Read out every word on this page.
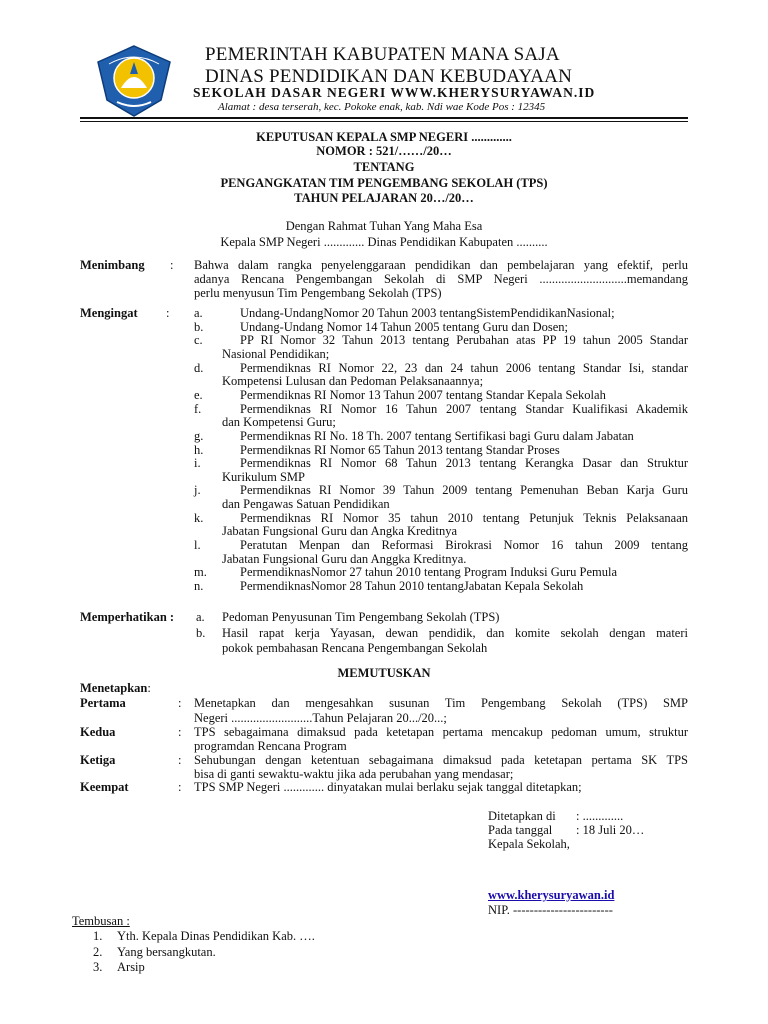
PEMERINTAH KABUPATEN MANA SAJA
DINAS PENDIDIKAN DAN KEBUDAYAAN
SEKOLAH DASAR NEGERI WWW.KHERYSURYAWAN.ID
Alamat : desa terserah, kec. Pokoke enak, kab. Ndi wae Kode Pos : 12345
KEPUTUSAN KEPALA SMP NEGERI .............
NOMOR : 521/……/20…
TENTANG
PENGANGKATAN TIM PENGEMBANG SEKOLAH (TPS)
TAHUN PELAJARAN 20…/20…
Dengan Rahmat Tuhan Yang Maha Esa
Kepala SMP Negeri ............. Dinas Pendidikan Kabupaten ..........
Menimbang : Bahwa dalam rangka penyelenggaraan pendidikan dan pembelajaran yang efektif, perlu
adanya Rencana Pengembangan Sekolah di SMP Negeri ............................memandang
perlu menyusun Tim Pengembang Sekolah (TPS)
Mengingat : a.	Undang-UndangNomor 20 Tahun 2003 tentangSistemPendidikanNasional;
b.	Undang-Undang Nomor 14 Tahun 2005 tentang Guru dan Dosen;
c.	PP RI Nomor 32 Tahun 2013 tentang Perubahan atas PP 19 tahun 2005 Standar
Nasional Pendidikan;
d.	Permendiknas RI Nomor 22, 23 dan 24 tahun 2006 tentang Standar Isi, standar
Kompetensi Lulusan dan Pedoman Pelaksanaannya;
e.	Permendiknas RI Nomor 13 Tahun 2007 tentang Standar Kepala Sekolah
f.	Permendiknas RI Nomor 16 Tahun 2007 tentang Standar Kualifikasi Akademik
dan Kompetensi Guru;
g.	Permendiknas RI No. 18 Th. 2007 tentang Sertifikasi bagi Guru dalam Jabatan
h.	Permendiknas RI Nomor 65 Tahun 2013 tentang Standar Proses
i.	Permendiknas RI Nomor 68 Tahun 2013 tentang Kerangka Dasar dan Struktur
Kurikulum SMP
j.	Permendiknas RI Nomor 39 Tahun 2009 tentang Pemenuhan Beban Karja Guru
dan Pengawas Satuan Pendidikan
k.	Permendiknas RI Nomor 35 tahun 2010 tentang Petunjuk Teknis Pelaksanaan
Jabatan Fungsional Guru dan Angka Kreditnya
l.	Peratutan Menpan dan Reformasi Birokrasi Nomor 16 tahun 2009 tentang
Jabatan Fungsional Guru dan Anggka Kreditnya.
m.	PermendiknasNomor 27 tahun 2010 tentang Program Induksi Guru Pemula
n.	PermendiknasNomor 28 Tahun 2010 tentangJabatan Kepala Sekolah
Memperhatikan : a. Pedoman Penyusunan Tim Pengembang Sekolah (TPS)
b. Hasil rapat kerja Yayasan, dewan pendidik, dan komite sekolah dengan materi
pokok pembahasan Rencana Pengembangan Sekolah
MEMUTUSKAN
Menetapkan:
Pertama	: Menetapkan dan mengesahkan susunan Tim Pengembang Sekolah (TPS) SMP
Negeri ..........................Tahun Pelajaran 20.../20...;
Kedua	: TPS sebagaimana dimaksud pada ketetapan pertama mencakup pedoman umum, struktur
programdan Rencana Program
Ketiga	: Sehubungan dengan ketentuan sebagaimana dimaksud pada ketetapan pertama SK TPS
bisa di ganti sewaktu-waktu jika ada perubahan yang mendasar;
Keempat	: TPS SMP Negeri ............. dinyatakan mulai berlaku sejak tanggal ditetapkan;
Ditetapkan di : .............
Pada tanggal : 18 Juli 20…
Kepala Sekolah,
www.kherysuryawan.id
NIP. ------------------------
Tembusan :
1. Yth. Kepala Dinas Pendidikan Kab. ….
2. Yang bersangkutan.
3. Arsip
